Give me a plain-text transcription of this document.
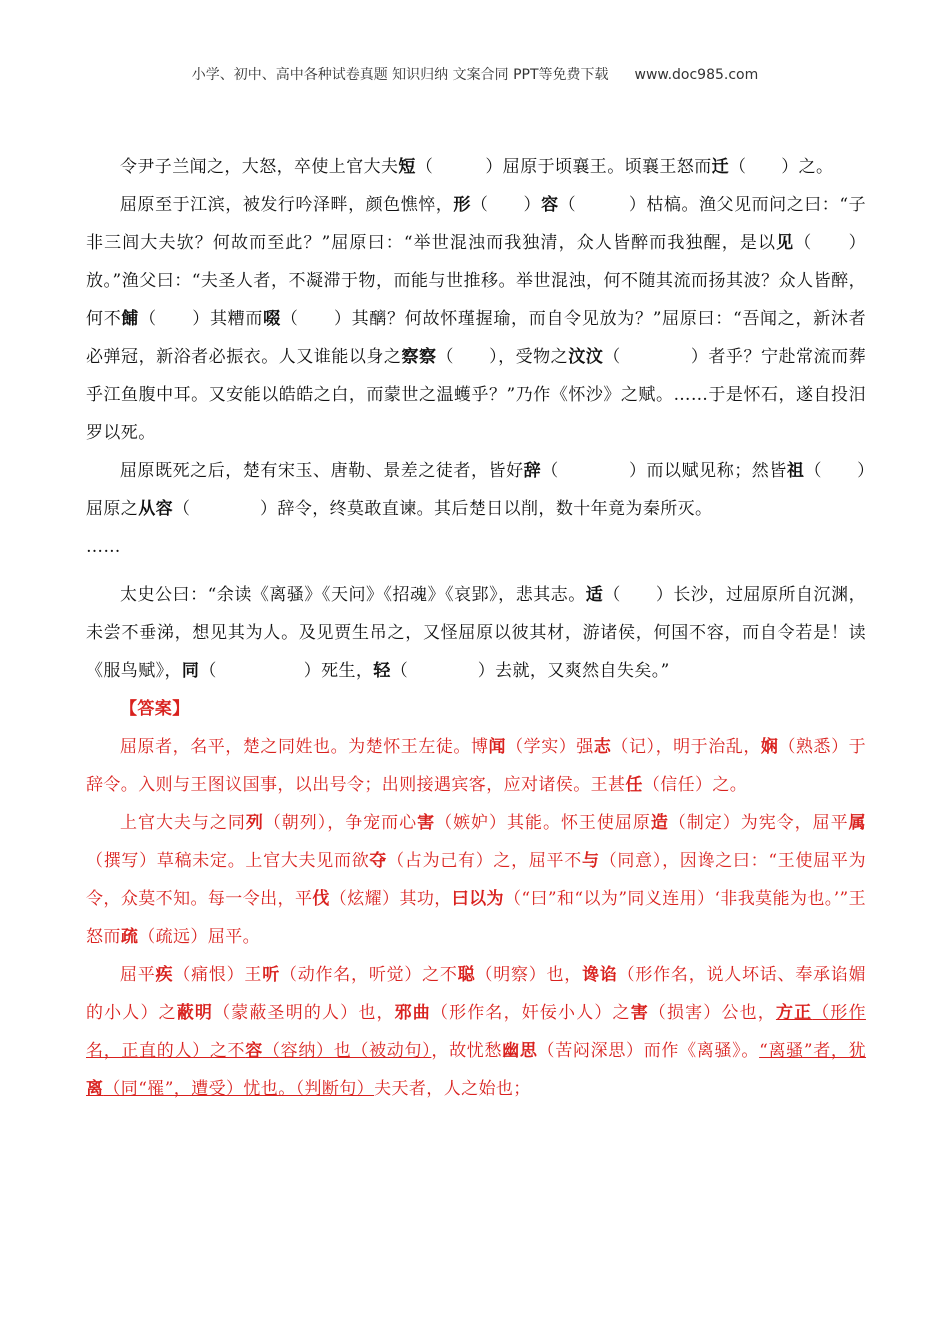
小学、初中、高中各种试卷真题 知识归纳 文案合同 PPT等免费下载 www.doc985.com

令尹子兰闻之，大怒，卒使上官大夫短（　　　）屈原于顷襄王。顷襄王怒而迁（　　）之。

屈原至于江滨，被发行吟泽畔，颜色憔悴，形（　　）容（　　　）枯槁。渔父见而问之曰：“子非三闾大夫欤？何故而至此？”屈原曰：“举世混浊而我独清，众人皆醉而我独醒，是以见（　　）放。”渔父曰：“夫圣人者，不凝滞于物，而能与世推移。举世混浊，何不随其流而扬其波？众人皆醉，何不餔（　　）其糟而啜（　　）其醨？何故怀瑾握瑜，而自令见放为？”屈原曰：“吾闻之，新沐者必弹冠，新浴者必振衣。人又谁能以身之察察（　　），受物之汶汶（　　　　）者乎？宁赴常流而葬乎江鱼腹中耳。又安能以皓皓之白，而蒙世之温蠖乎？”乃作《怀沙》之赋。……于是怀石，遂自投汨罗以死。

屈原既死之后，楚有宋玉、唐勒、景差之徒者，皆好辞（　　　　）而以赋见称；然皆祖（　　）屈原之从容（　　　　）辞令，终莫敢直谏。其后楚日以削，数十年竟为秦所灭。

……

太史公曰：“余读《离骚》《天问》《招魂》《哀郢》，悲其志。适（　　）长沙，过屈原所自沉渊，未尝不垂涕，想见其为人。及见贾生吊之，又怪屈原以彼其材，游诸侯，何国不容，而自令若是！读《服鸟赋》，同（　　　　　）死生，轻（　　　　）去就，又爽然自失矣。”

【答案】

屈原者，名平，楚之同姓也。为楚怀王左徒。博闻（学实）强志（记），明于治乱，娴（熟悉）于辞令。入则与王图议国事，以出号令；出则接遇宾客，应对诸侯。王甚任（信任）之。

上官大夫与之同列（朝列），争宠而心害（嫉妒）其能。怀王使屈原造（制定）为宪令，屈平属（撰写）草稿未定。上官大夫见而欲夺（占为己有）之，屈平不与（同意），因谗之曰：“王使屈平为令，众莫不知。每一令出，平伐（炫耀）其功，曰以为（“曰”和“以为”同义连用）‘非我莫能为也。’”王怒而疏（疏远）屈平。

屈平疾（痛恨）王听（动作名，听觉）之不聪（明察）也，谗谄（形作名，说人坏话、奉承谄媚的小人）之蔽明（蒙蔽圣明的人）也，邪曲（形作名，奸佞小人）之害（损害）公也，方正（形作名，正直的人）之不容（容纳）也（被动句），故忧愁幽思（苦闷深思）而作《离骚》。“离骚”者，犹离（同“罹”，遭受）忧也。（判断句）夫天者，人之始也；
